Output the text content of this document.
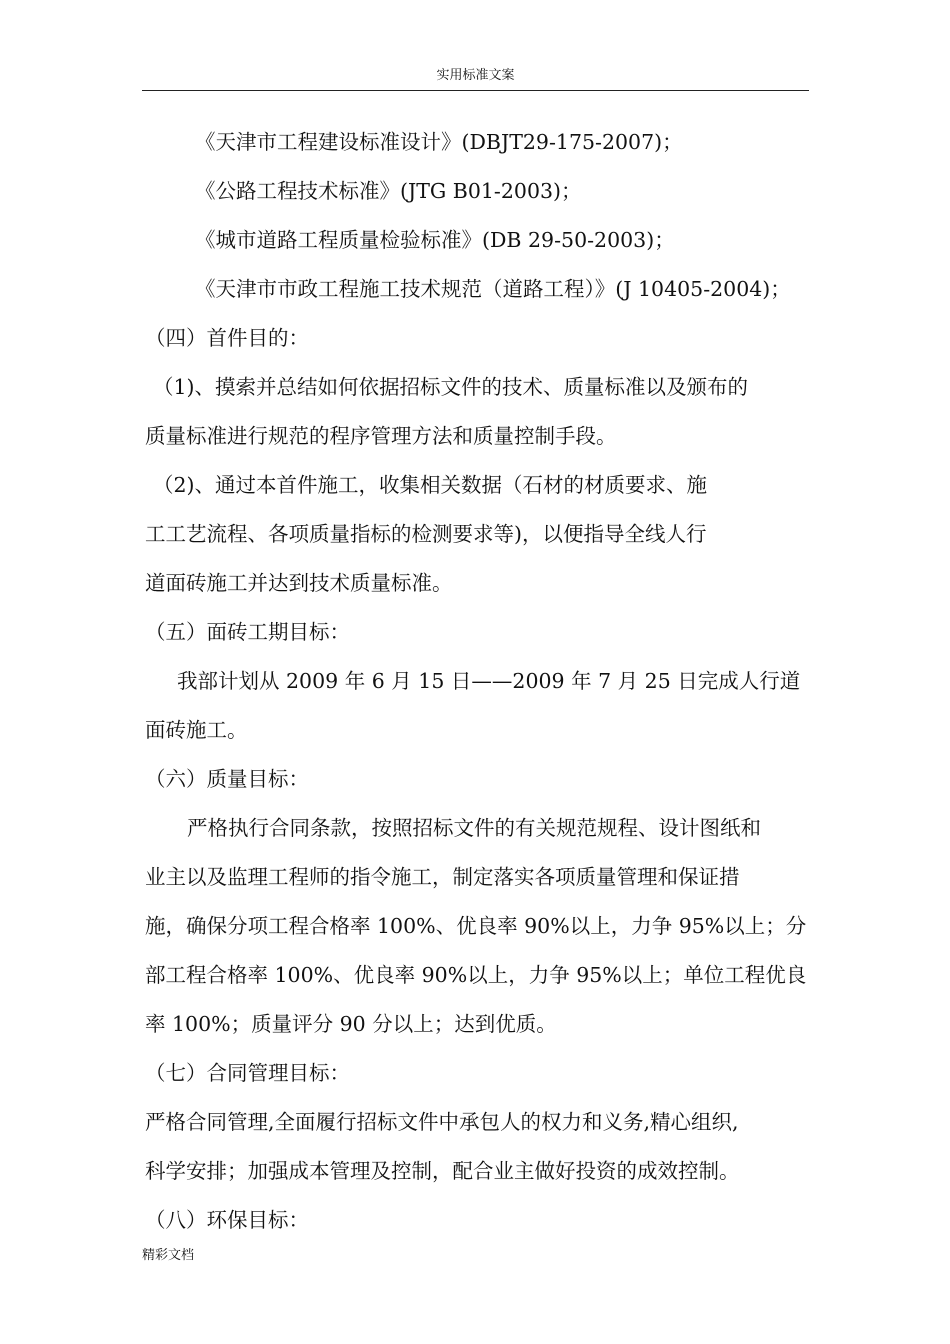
实用标准文案

《天津市工程建设标准设计》(DBJT29-175-2007)；

《公路工程技术标准》(JTG B01-2003)；

《城市道路工程质量检验标准》(DB 29-50-2003)；

《天津市市政工程施工技术规范（道路工程）》(J 10405-2004)；

（四）首件目的：

（1)、摸索并总结如何依据招标文件的技术、质量标准以及颁布的

质量标准进行规范的程序管理方法和质量控制手段。

（2)、通过本首件施工，收集相关数据（石材的材质要求、施

工工艺流程、各项质量指标的检测要求等)，以便指导全线人行

道面砖施工并达到技术质量标准。

（五）面砖工期目标：

我部计划从 2009 年 6 月 15 日——2009 年 7 月 25 日完成人行道

面砖施工。

（六）质量目标：

严格执行合同条款，按照招标文件的有关规范规程、设计图纸和

业主以及监理工程师的指令施工，制定落实各项质量管理和保证措

施，确保分项工程合格率 100%、优良率 90%以上，力争 95%以上；分

部工程合格率 100%、优良率 90%以上，力争 95%以上；单位工程优良

率 100%；质量评分 90 分以上；达到优质。

（七）合同管理目标：

严格合同管理,全面履行招标文件中承包人的权力和义务,精心组织,

科学安排；加强成本管理及控制，配合业主做好投资的成效控制。

（八）环保目标：

精彩文档
